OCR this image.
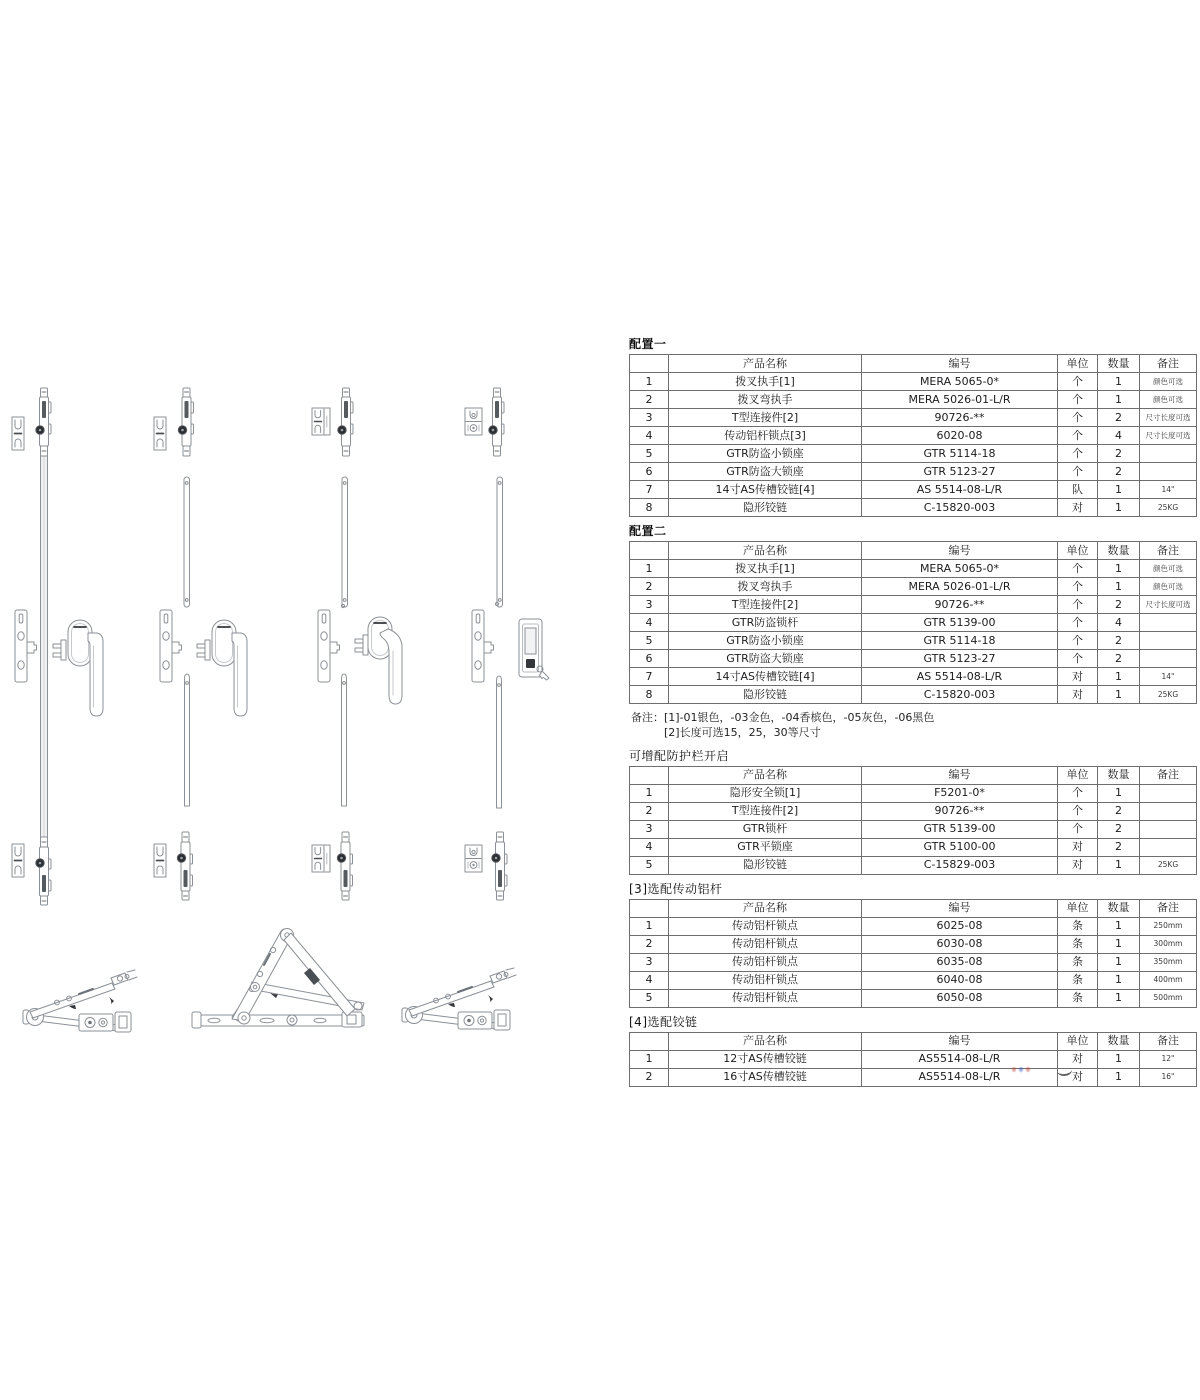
配置一
	产品名称	编号	单位	数量	备注
1	拨叉执手[1]	MERA 5065-0*	个	1	颜色可选
2	拨叉弯执手	MERA 5026-01-L/R	个	1	颜色可选
3	T型连接件[2]	90726-**	个	2	尺寸长度可选
4	传动铝杆锁点[3]	6020-08	个	4	尺寸长度可选
5	GTR防盗小锁座	GTR 5114-18	个	2	
6	GTR防盗大锁座	GTR 5123-27	个	2	
7	14寸AS传槽铰链[4]	AS 5514-08-L/R	队	1	14"
8	隐形铰链	C-15820-003	对	1	25KG
配置二
	产品名称	编号	单位	数量	备注
1	拨叉执手[1]	MERA 5065-0*	个	1	颜色可选
2	拨叉弯执手	MERA 5026-01-L/R	个	1	颜色可选
3	T型连接件[2]	90726-**	个	2	尺寸长度可选
4	GTR防盗锁杆	GTR 5139-00	个	4	
5	GTR防盗小锁座	GTR 5114-18	个	2	
6	GTR防盗大锁座	GTR 5123-27	个	2	
7	14寸AS传槽铰链[4]	AS 5514-08-L/R	对	1	14"
8	隐形铰链	C-15820-003	对	1	25KG
备注：[1]-01银色，-03金色，-04香槟色，-05灰色，-06黑色
[2]长度可选15，25，30等尺寸
可增配防护栏开启
	产品名称	编号	单位	数量	备注
1	隐形安全锁[1]	F5201-0*	个	1	
2	T型连接件[2]	90726-**	个	2	
3	GTR锁杆	GTR 5139-00	个	2	
4	GTR平锁座	GTR 5100-00	对	2	
5	隐形铰链	C-15829-003	对	1	25KG
[3]选配传动铝杆
	产品名称	编号	单位	数量	备注
1	传动铝杆锁点	6025-08	条	1	250mm
2	传动铝杆锁点	6030-08	条	1	300mm
3	传动铝杆锁点	6035-08	条	1	350mm
4	传动铝杆锁点	6040-08	条	1	400mm
5	传动铝杆锁点	6050-08	条	1	500mm
[4]选配铰链
	产品名称	编号	单位	数量	备注
1	12寸AS传槽铰链	AS5514-08-L/R	对	1	12"
2	16寸AS传槽铰链	AS5514-08-L/R	对	1	16"
